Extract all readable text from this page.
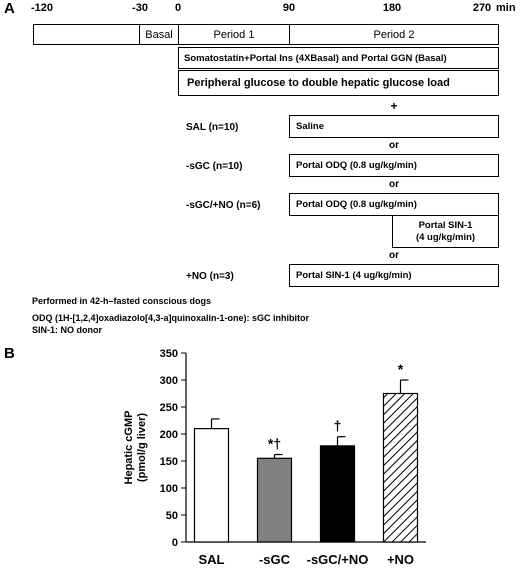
A -120	-30 0	90	180	270 min
Basal	Period 1	Period 2
Somatostatin+Portal Ins (4XBasal) and Portal GGN (Basal)
Peripheral glucose to double hepatic glucose load
+
SAL (n=10)	Saline
or
-sGC (n=10)	Portal ODQ (0.8 ug/kg/min)
or
-sGC/+NO (n=6)	Portal ODQ (0.8 ug/kg/min)
Portal SIN-1
(4 ug/kg/min)
or
+NO (n=3)	Portal SIN-1 (4 ug/kg/min)
Performed in 42-h–fasted conscious dogs
ODQ (1H-[1,2,4]oxadiazolo[4,3-a]quinoxalin-1-one): sGC inhibitor
SIN-1: NO donor
B
0
50
100
150
200
250
300
350
Hepatic cGMP (pmol/g liver)
SAL
*†
-sGC
†
-sGC/+NO
*
+NO
